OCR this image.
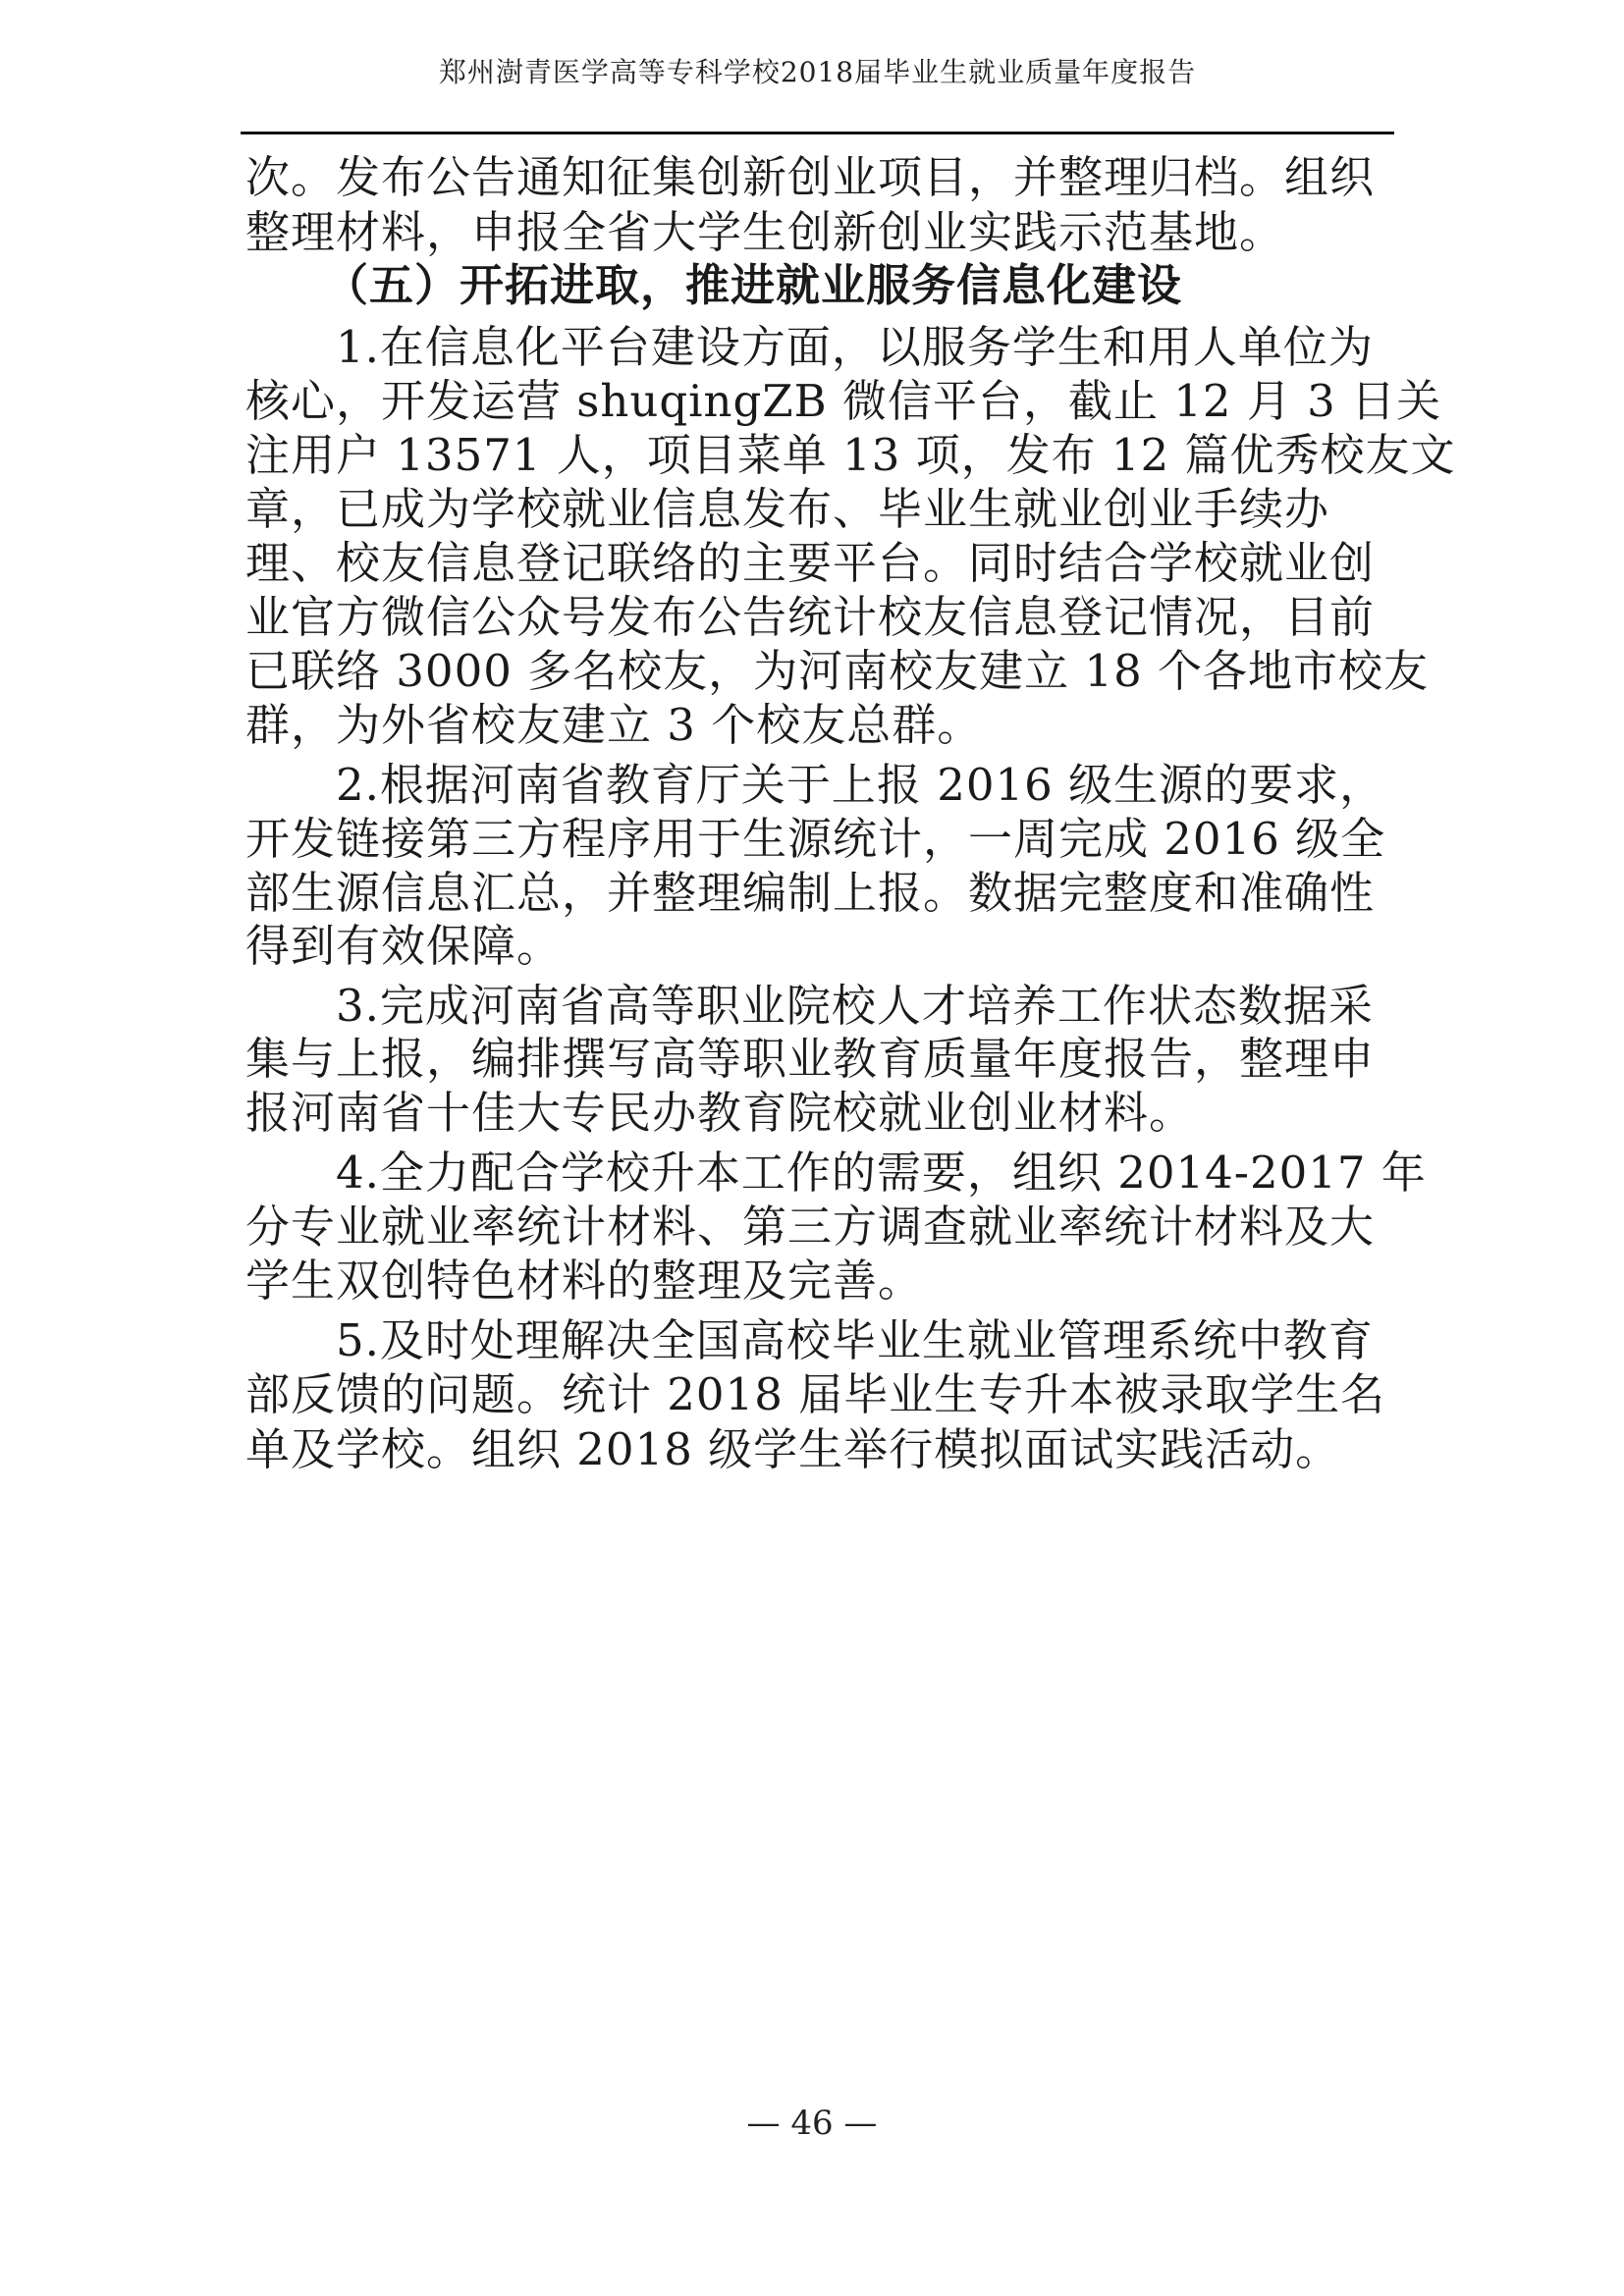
郑州澍青医学高等专科学校2018届毕业生就业质量年度报告
次。发布公告通知征集创新创业项目，并整理归档。组织
整理材料，申报全省大学生创新创业实践示范基地。
（五）开拓进取，推进就业服务信息化建设
1.在信息化平台建设方面，以服务学生和用人单位为
核心，开发运营 shuqingZB 微信平台，截止 12 月 3 日关
注用户 13571 人，项目菜单 13 项，发布 12 篇优秀校友文
章，已成为学校就业信息发布、毕业生就业创业手续办
理、校友信息登记联络的主要平台。同时结合学校就业创
业官方微信公众号发布公告统计校友信息登记情况，目前
已联络 3000 多名校友，为河南校友建立 18 个各地市校友
群，为外省校友建立 3 个校友总群。
2.根据河南省教育厅关于上报 2016 级生源的要求，
开发链接第三方程序用于生源统计，一周完成 2016 级全
部生源信息汇总，并整理编制上报。数据完整度和准确性
得到有效保障。
3.完成河南省高等职业院校人才培养工作状态数据采
集与上报，编排撰写高等职业教育质量年度报告，整理申
报河南省十佳大专民办教育院校就业创业材料。
4.全力配合学校升本工作的需要，组织 2014-2017 年
分专业就业率统计材料、第三方调查就业率统计材料及大
学生双创特色材料的整理及完善。
5.及时处理解决全国高校毕业生就业管理系统中教育
部反馈的问题。统计 2018 届毕业生专升本被录取学生名
单及学校。组织 2018 级学生举行模拟面试实践活动。
— 46 —
